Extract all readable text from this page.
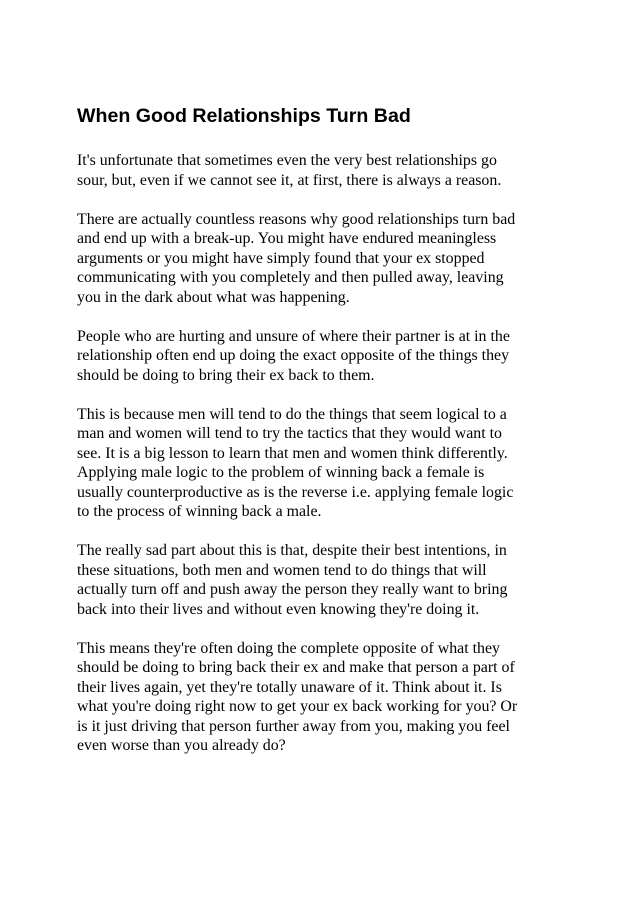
When Good Relationships Turn Bad
It's unfortunate that sometimes even the very best relationships go
sour, but, even if we cannot see it, at first, there is always a reason.
There are actually countless reasons why good relationships turn bad
and end up with a break-up. You might have endured meaningless
arguments or you might have simply found that your ex stopped
communicating with you completely and then pulled away, leaving
you in the dark about what was happening.
People who are hurting and unsure of where their partner is at in the
relationship often end up doing the exact opposite of the things they
should be doing to bring their ex back to them.
This is because men will tend to do the things that seem logical to a
man and women will tend to try the tactics that they would want to
see. It is a big lesson to learn that men and women think differently.
Applying male logic to the problem of winning back a female is
usually counterproductive as is the reverse i.e. applying female logic
to the process of winning back a male.
The really sad part about this is that, despite their best intentions, in
these situations, both men and women tend to do things that will
actually turn off and push away the person they really want to bring
back into their lives and without even knowing they're doing it.
This means they're often doing the complete opposite of what they
should be doing to bring back their ex and make that person a part of
their lives again, yet they're totally unaware of it. Think about it. Is
what you're doing right now to get your ex back working for you? Or
is it just driving that person further away from you, making you feel
even worse than you already do?
